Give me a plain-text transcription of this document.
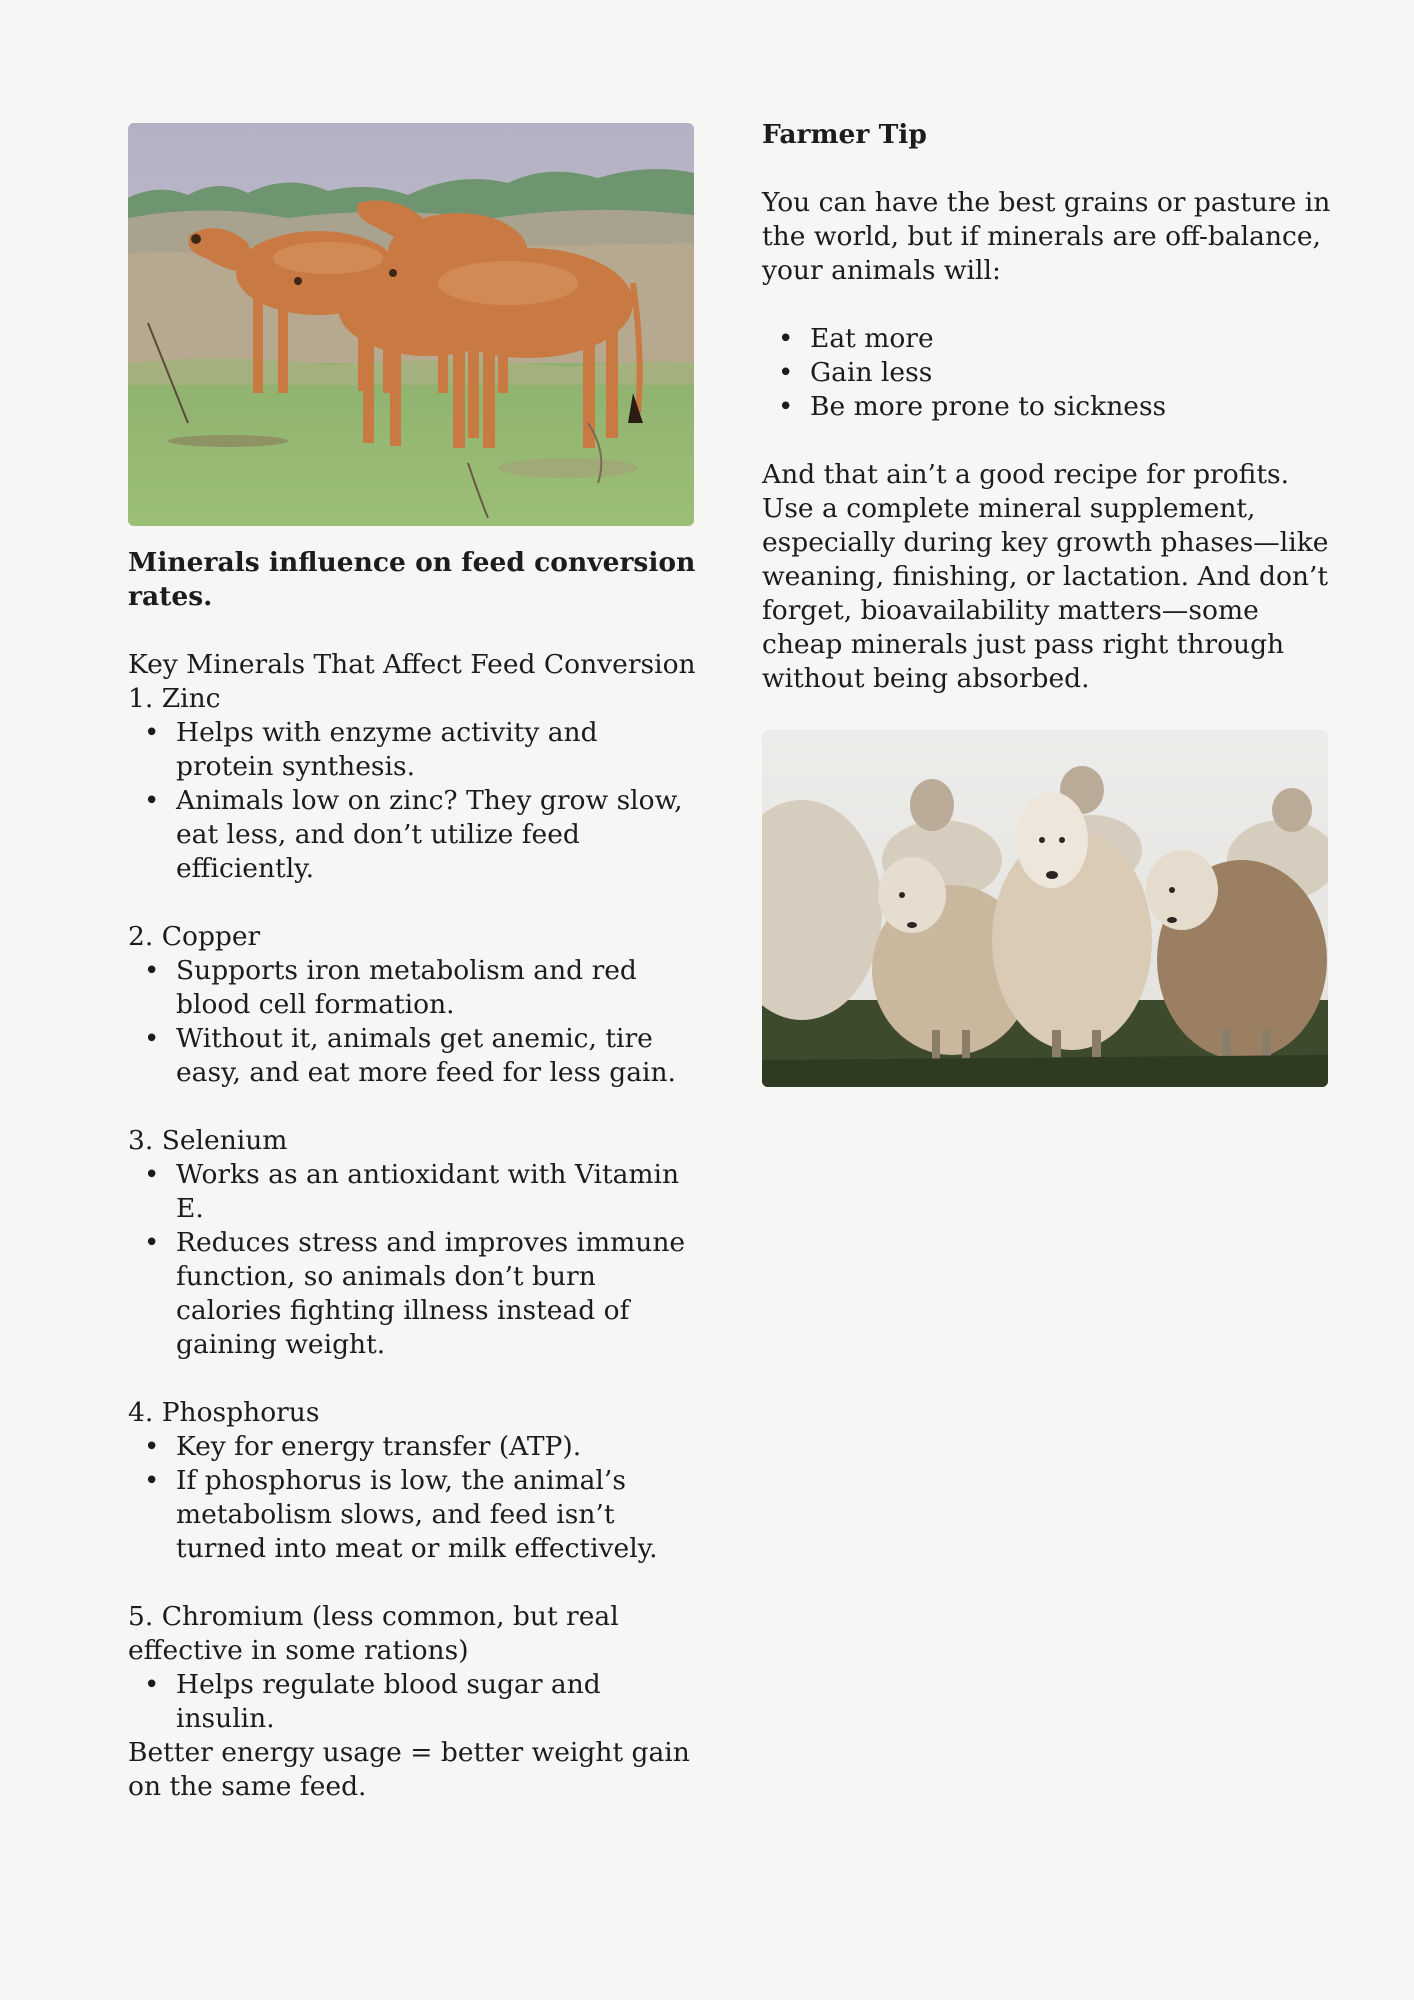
Minerals influence on feed conversion rates.

Key Minerals That Affect Feed Conversion

1. Zinc

• Helps with enzyme activity and protein synthesis.
• Animals low on zinc? They grow slow, eat less, and don’t utilize feed efficiently.

2. Copper

• Supports iron metabolism and red blood cell formation.
• Without it, animals get anemic, tire easy, and eat more feed for less gain.

3. Selenium

• Works as an antioxidant with Vitamin E.
• Reduces stress and improves immune function, so animals don’t burn calories fighting illness instead of gaining weight.

4. Phosphorus

• Key for energy transfer (ATP).
• If phosphorus is low, the animal’s metabolism slows, and feed isn’t turned into meat or milk effectively.

5. Chromium (less common, but real effective in some rations)

• Helps regulate blood sugar and insulin.

Better energy usage = better weight gain on the same feed.

Farmer Tip

You can have the best grains or pasture in the world, but if minerals are off-balance, your animals will:

• Eat more
• Gain less
• Be more prone to sickness

And that ain’t a good recipe for profits. Use a complete mineral supplement, especially during key growth phases—like weaning, finishing, or lactation. And don’t forget, bioavailability matters—some cheap minerals just pass right through without being absorbed.
